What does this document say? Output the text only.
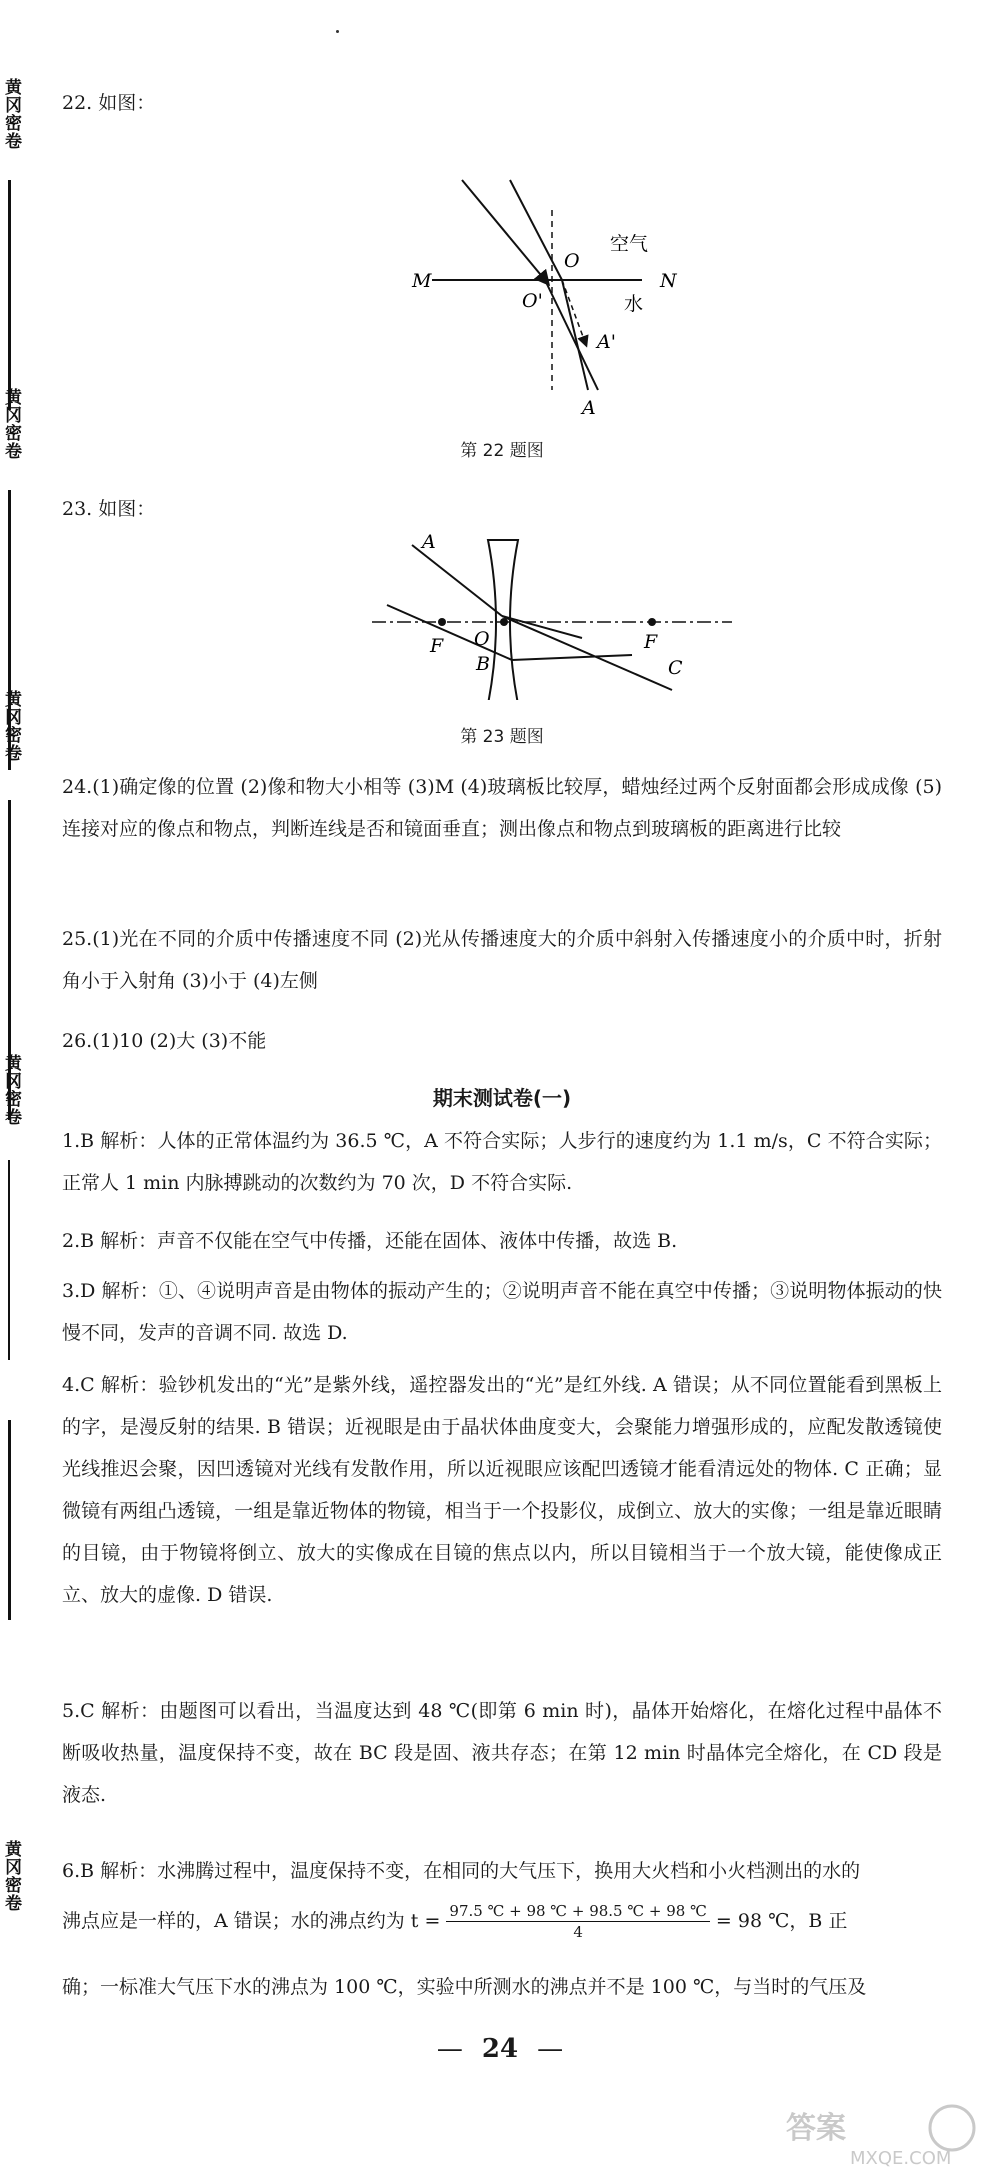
黄冈密卷
黄冈密卷
黄冈密卷
黄冈密卷
黄冈密卷
22. 如图：
M	N
O
O'
A'
A
空气
水
第 22 题图
23. 如图：
A
F O
B
F
C
第 23 题图
24.(1)确定像的位置 (2)像和物大小相等 (3)M (4)玻璃板比较厚，蜡烛经过两个反射面都会形成成像 (5)连接对应的像点和物点，判断连线是否和镜面垂直；测出像点和物点到玻璃板的距离进行比较
25.(1)光在不同的介质中传播速度不同 (2)光从传播速度大的介质中斜射入传播速度小的介质中时，折射角小于入射角 (3)小于 (4)左侧
26.(1)10 (2)大 (3)不能
期末测试卷(一)
1.B 解析：人体的正常体温约为 36.5 ℃，A 不符合实际；人步行的速度约为 1.1 m/s，C 不符合实际；正常人 1 min 内脉搏跳动的次数约为 70 次，D 不符合实际.
2.B 解析：声音不仅能在空气中传播，还能在固体、液体中传播，故选 B.
3.D 解析：①、④说明声音是由物体的振动产生的；②说明声音不能在真空中传播；③说明物体振动的快慢不同，发声的音调不同. 故选 D.
4.C 解析：验钞机发出的“光”是紫外线，遥控器发出的“光”是红外线. A 错误；从不同位置能看到黑板上的字，是漫反射的结果. B 错误；近视眼是由于晶状体曲度变大，会聚能力增强形成的，应配发散透镜使光线推迟会聚，因凹透镜对光线有发散作用，所以近视眼应该配凹透镜才能看清远处的物体. C 正确；显微镜有两组凸透镜，一组是靠近物体的物镜，相当于一个投影仪，成倒立、放大的实像；一组是靠近眼睛的目镜，由于物镜将倒立、放大的实像成在目镜的焦点以内，所以目镜相当于一个放大镜，能使像成正立、放大的虚像. D 错误.
5.C 解析：由题图可以看出，当温度达到 48 ℃(即第 6 min 时)，晶体开始熔化，在熔化过程中晶体不断吸收热量，温度保持不变，故在 BC 段是固、液共存态；在第 12 min 时晶体完全熔化，在 CD 段是液态.
6.B 解析：水沸腾过程中，温度保持不变，在相同的大气压下，换用大火档和小火档测出的水的
沸点应是一样的，A 错误；水的沸点约为 $t = \frac{97.5 ℃ + 98 ℃ + 98.5 ℃ + 98 ℃}{4} = 98$ ℃，B 正
确；一标准大气压下水的沸点为 100 ℃，实验中所测水的沸点并不是 100 ℃，与当时的气压及
— 24 —
答案
MXQE.COM
